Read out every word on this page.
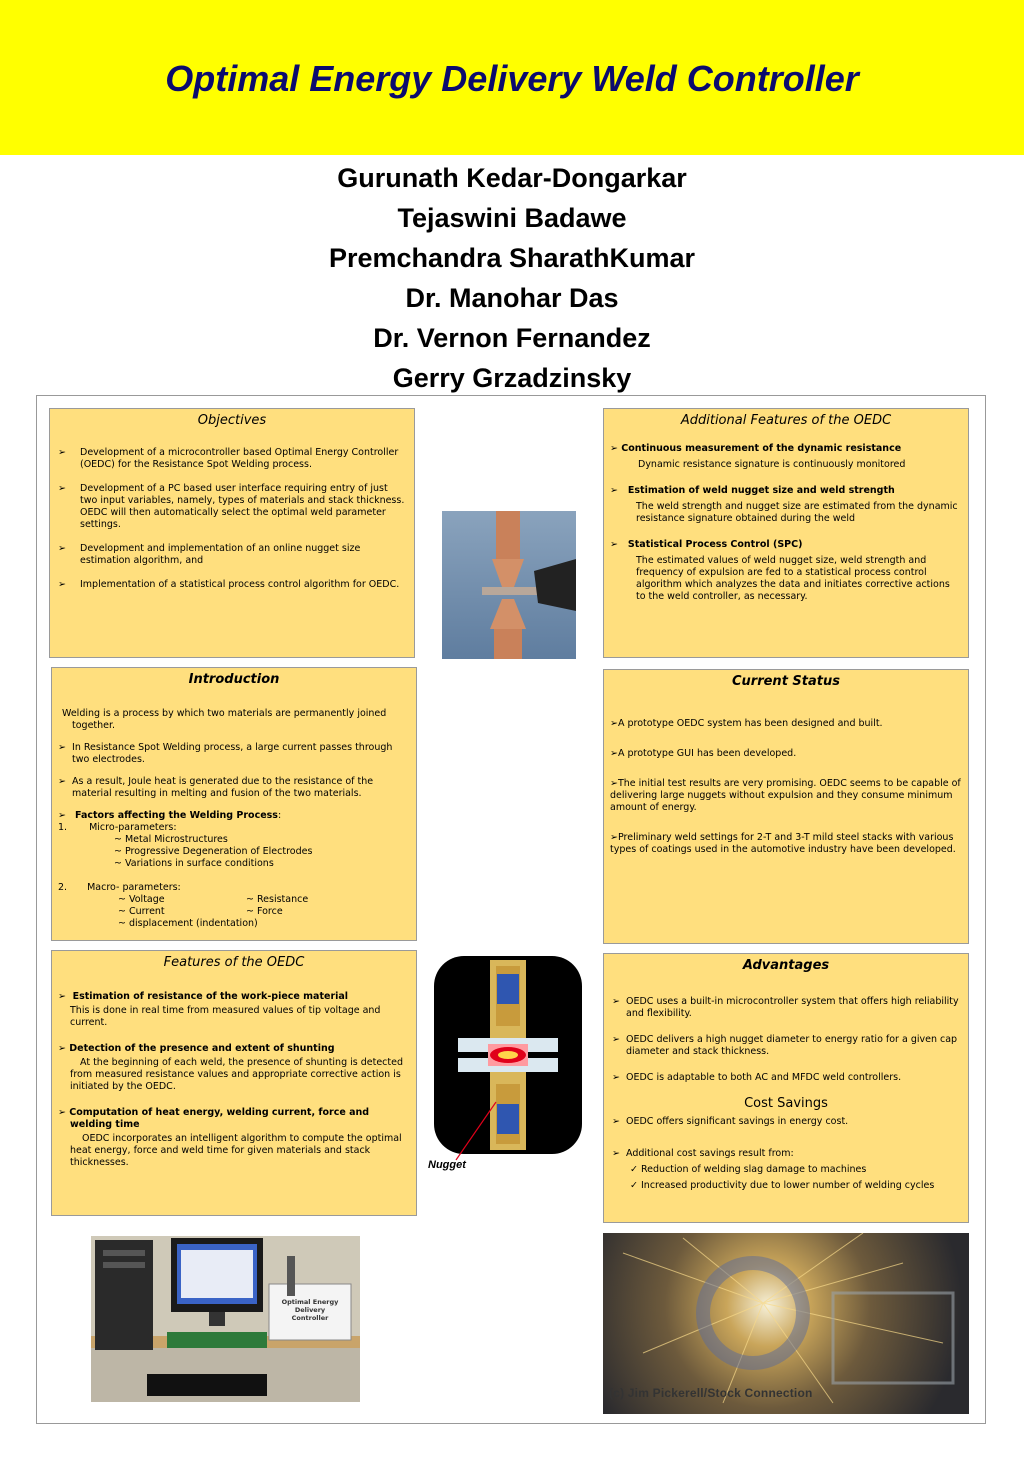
Optimal Energy Delivery Weld Controller
Gurunath Kedar-Dongarkar
Tejaswini Badawe
Premchandra SharathKumar
Dr. Manohar Das
Dr. Vernon Fernandez
Gerry Grzadzinsky
Objectives
➢ Development of a microcontroller based Optimal Energy Controller (OEDC) for the Resistance Spot Welding process.
➢ Development of a PC based user interface requiring entry of just two input variables, namely, types of materials and stack thickness. OEDC will then automatically select the optimal weld parameter settings.
➢ Development and implementation of an online nugget size estimation algorithm, and
➢ Implementation of a statistical process control algorithm for OEDC.
Additional Features of the OEDC
➢ Continuous measurement of the dynamic resistance
Dynamic resistance signature is continuously monitored
➢ Estimation of weld nugget size and weld strength
The weld strength and nugget size are estimated from the dynamic resistance signature obtained during the weld
➢ Statistical Process Control (SPC)
The estimated values of weld nugget size, weld strength and frequency of expulsion are fed to a statistical process control algorithm which analyzes the data and initiates corrective actions to the weld controller, as necessary.
Introduction

Welding is a process by which two materials are permanently joined together.

➢ In Resistance Spot Welding process, a large current passes through two electrodes.

➢ As a result, Joule heat is generated due to the resistance of the material resulting in melting and fusion of the two materials.

➢ Factors affecting the Welding Process:
1. Micro-parameters:
~ Metal Microstructures
~ Progressive Degeneration of Electrodes
~ Variations in surface conditions
2. Macro- parameters:
~ Voltage	~ Resistance
~ Current	~ Force
~ displacement (indentation)
Current Status

➢A prototype OEDC system has been designed and built.

➢A prototype GUI has been developed.

➢The initial test results are very promising. OEDC seems to be capable of delivering large nuggets without expulsion and they consume minimum amount of energy.

➢Preliminary weld settings for 2-T and 3-T mild steel stacks with various types of coatings used in the automotive industry have been developed.

Features of the OEDC
➢ Estimation of resistance of the work-piece material
This is done in real time from measured values of tip voltage and current.
➢ Detection of the presence and extent of shunting
At the beginning of each weld, the presence of shunting is detected from measured resistance values and appropriate corrective action is initiated by the OEDC.
➢ Computation of heat energy, welding current, force and welding time
OEDC incorporates an intelligent algorithm to compute the optimal heat energy, force and weld time for given materials and stack thicknesses.	Nugget
Advantages
➢ OEDC uses a built-in microcontroller system that offers high reliability and flexibility.
➢ OEDC delivers a high nugget diameter to energy ratio for a given cap diameter and stack thickness.
➢ OEDC is adaptable to both AC and MFDC weld controllers.
Cost Savings
➢ OEDC offers significant savings in energy cost.
➢ Additional cost savings result from:
✓ Reduction of welding slag damage to machines
✓ Increased productivity due to lower number of welding cycles
Optimal Energy
Delivery
Controller
(c) Jim Pickerell/Stock Connection
